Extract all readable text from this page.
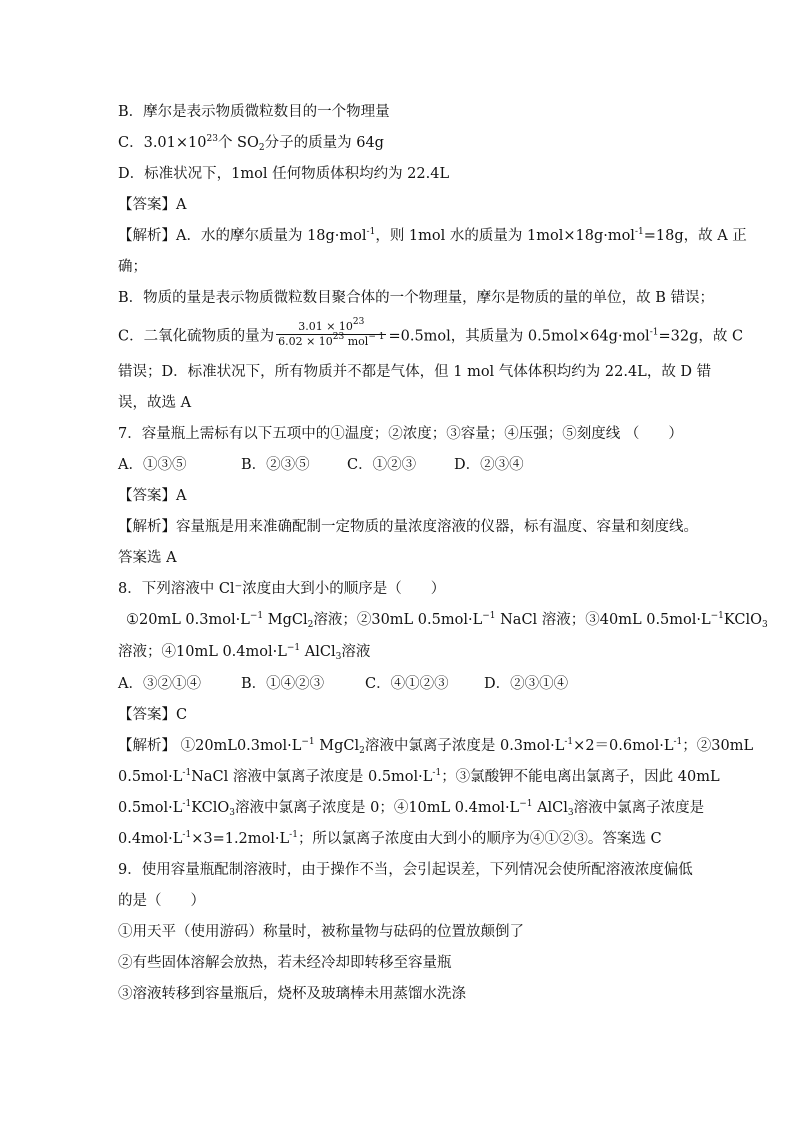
B．摩尔是表示物质微粒数目的一个物理量
C．$3.01\times 10^{23}$个 $SO_2$分子的质量为 64g
D．标准状况下，1mol 任何物质体积均约为 22.4L
【答案】A
【解析】A．水的摩尔质量为 18g·mol$^{-1}$，则 1mol 水的质量为 1mol×18g·mol$^{-1}$=18g，故 A 正
确；
B．物质的量是表示物质微粒数目聚合体的一个物理量，摩尔是物质的量的单位，故 B 错误；
C．二氧化硫物质的量为 $\frac{3.01 \times 10^{23}}{6.02 \times 10^{23} mol^{- 1}} =0.5mol$，其质量为 0.5mol×64g·mol$^{-1}$=32g，故 C
错误；D．标准状况下，所有物质并不都是气体，但 1 mol 气体体积均约为 22.4L，故 D 错
误，故选 A
7．容量瓶上需标有以下五项中的①温度；②浓度；③容量；④压强；⑤刻度线 （　　）
A．①③⑤	B．②③⑤	C．①②③	D．②③④
【答案】A
【解析】容量瓶是用来准确配制一定物质的量浓度溶液的仪器，标有温度、容量和刻度线。
答案选 A
8．下列溶液中 Cl⁻浓度由大到小的顺序是（　　）
①20mL $0.3mol\cdot L^{-1}$ MgCl$_2$溶液；②30mL $0.5mol\cdot L^{-1}$ NaCl 溶液；③40mL $0.5mol\cdot L^{-1}KClO_3$
溶液；④10mL $0.4mol\cdot L^{-1}$ AlCl$_3$溶液
A．③②①④	B．①④②③	C．④①②③ D．②③①④
【答案】C
【解析】 $①20mL0.3mol\cdot L^{-1}$ MgCl$_2$溶液中氯离子浓度是 $0.3mol\cdot L^{-1}\times 2=0.6mol\cdot L^{-1}$；②30mL
$0.5mol\cdot L^{-1}NaCl$ 溶液中氯离子浓度是 $0.5mol\cdot L^{-1}$；③氯酸钾不能电离出氯离子，因此 40mL
$0.5mol\cdot L^{-1}KClO_3$溶液中氯离子浓度是 0；④10mL $0.4mol\cdot L^{-1}$ AlCl$_3$溶液中氯离子浓度是
$0.4mol\cdot L^{-1}\times 3=1.2mol\cdot L^{-1}$；所以氯离子浓度由大到小的顺序为④①②③。答案选 C
9．使用容量瓶配制溶液时，由于操作不当，会引起误差，下列情况会使所配溶液浓度偏低
的是（　　）
①用天平（使用游码）称量时，被称量物与砝码的位置放颠倒了
②有些固体溶解会放热，若未经冷却即转移至容量瓶
③溶液转移到容量瓶后，烧杯及玻璃棒未用蒸馏水洗涤
